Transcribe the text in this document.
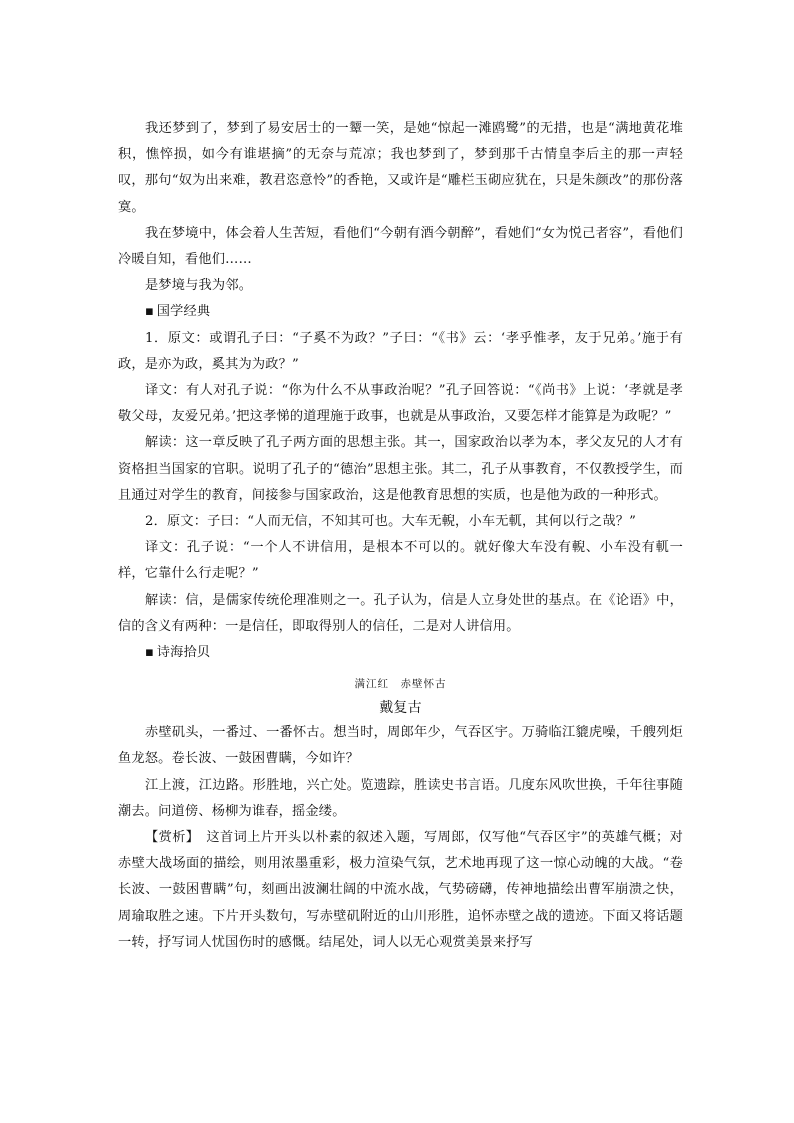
我还梦到了，梦到了易安居士的一颦一笑，是她“惊起一滩鸥鹭”的无措，也是“满地黄花堆积，憔悴损，如今有谁堪摘”的无奈与荒凉；我也梦到了，梦到那千古情皇李后主的那一声轻叹，那句“奴为出来难，教君恣意怜”的香艳，又或许是“雕栏玉砌应犹在，只是朱颜改”的那份落寞。

我在梦境中，体会着人生苦短，看他们“今朝有酒今朝醉”，看她们“女为悦己者容”，看他们冷暖自知，看他们……

是梦境与我为邻。

▪ 国学经典

1．原文：或谓孔子曰：“子奚不为政？”子曰：“《书》云：‘孝乎惟孝，友于兄弟。’施于有政，是亦为政，奚其为为政？”

译文：有人对孔子说：“你为什么不从事政治呢？”孔子回答说：“《尚书》上说：‘孝就是孝敬父母，友爱兄弟。’把这孝悌的道理施于政事，也就是从事政治，又要怎样才能算是为政呢？”

解读：这一章反映了孔子两方面的思想主张。其一，国家政治以孝为本，孝父友兄的人才有资格担当国家的官职。说明了孔子的“德治”思想主张。其二，孔子从事教育，不仅教授学生，而且通过对学生的教育，间接参与国家政治，这是他教育思想的实质，也是他为政的一种形式。

2．原文：子曰：“人而无信，不知其可也。大车无輗，小车无軏，其何以行之哉？”

译文：孔子说：“一个人不讲信用，是根本不可以的。就好像大车没有輗、小车没有軏一样，它靠什么行走呢？”

解读：信，是儒家传统伦理准则之一。孔子认为，信是人立身处世的基点。在《论语》中，信的含义有两种：一是信任，即取得别人的信任，二是对人讲信用。

▪ 诗海拾贝

满江红　赤壁怀古

戴复古

赤壁矶头，一番过、一番怀古。想当时，周郎年少，气吞区宇。万骑临江貔虎噪，千艘列炬鱼龙怒。卷长波、一鼓困曹瞒，今如许？

江上渡，江边路。形胜地，兴亡处。览遗踪，胜读史书言语。几度东风吹世换，千年往事随潮去。问道傍、杨柳为谁春，摇金缕。

【赏析】　这首词上片开头以朴素的叙述入题，写周郎，仅写他“气吞区宇”的英雄气概；对赤壁大战场面的描绘，则用浓墨重彩，极力渲染气氛，艺术地再现了这一惊心动魄的大战。“卷长波、一鼓困曹瞒”句，刻画出波澜壮阔的中流水战，气势磅礴，传神地描绘出曹军崩溃之快，周瑜取胜之速。下片开头数句，写赤壁矶附近的山川形胜，追怀赤壁之战的遗迹。下面又将话题一转，抒写词人忧国伤时的感慨。结尾处，词人以无心观赏美景来抒写
